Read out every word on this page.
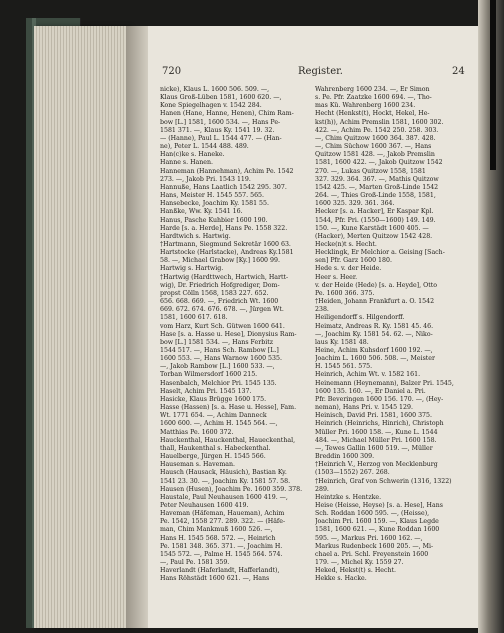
720	Register.	24
nicke), Klaus L. 1600 506. 509. —,
Klaus Groß-Lüben 1581, 1600 620. —,
Kone Spiegelhagen v. 1542 284.
Hanen (Hane, Hanne, Henen), Chim Ram-
bow [L.] 1581, 1600 534. —, Hans Pe-
1581 371. —, Klaus Ky. 1541 19. 32.
— (Hanne), Paul L. 1544 477. — (Han-
ne), Peter L. 1544 488. 489.
Han(c)ke s. Haneke.
Hanne s. Hanen.
Hanneman (Hannehman), Achim Pe. 1542
273. —, Jakob Pri. 1543 119.
Hannuße, Hans Laatlich 1542 295. 307.
Hans, Meister H. 1545 557. 565.
Hansebecke, Joachim Ky. 1581 55.
Hanßke, Ww. Ky. 1541 16.
Hanus, Pasche Kuhbier 1600 190.
Harde [s. a. Herde], Hans Pe. 1558 322.
Hardtwich s. Hartwig.
†Hartmann, Siegmund Sekretär 1600 63.
Hartstocke (Harlstacke), Andreas Ky.1581
58. —, Michael Grabow [Ky.] 1600 99.
Hartwig s. Hartwig.
†Hartwig (Hardttwech, Hartwich, Hartt-
wig), Dr. Friedrich Hofgrediger, Dom-
propst Cölln 1568, 1583 227. 652.
656. 668. 669. —, Friedrich Wt. 1600
669. 672. 674. 676. 678. —, Jürgen Wt.
1581, 1600 617. 618.
vom Harz, Kurt Sch. Gütwen 1600 641.
Hase [s. a. Hasse u. Hese], Dionysius Ram-
bow [L.] 1581 534. —, Hans Ferbitz
1544 517. —, Hans Sch. Rambow [L.]
1600 553. —, Hans Warnow 1600 535.
—, Jakob Rambow [L.] 1600 533. —,
Torban Wilmersdorf 1600 215.
Hasenbalch, Melchior Pri. 1545 135.
Haselt, Achim Pri. 1545 137.
Hasicke, Klaus Brügge 1600 175.
Hasse (Hassen) [s. a. Hase u. Hesse], Fam.
Wt. 1771 654. —, Achim Danneck
1600 600. —, Achim H. 1545 564. —,
Matthias Pe. 1600 372.
Hauckenthal, Hauckenthal, Haueckenthal,
thall, Haukenthal s. Habeckenthal.
Hauelberge, Jürgen H. 1545 566.
Hauseman s. Haveman.
Hausch (Hausack, Häusich), Bastian Ky.
1541 23. 30. —, Joachim Ky. 1581 57. 58.
Hausen (Husen), Joachim Pe. 1600 359. 378.
Haustale, Paul Neuhausen 1600 419. —,
Peter Neuhausen 1600 419.
Haveman (Häfeman, Haueman), Achim
Pe. 1542, 1558 277. 289. 322. — (Häfe-
man, Chim Mankmuß 1600 526. —,
Hans H. 1545 568. 572. —, Heinrich
Pe. 1581 348. 365. 371. —, Joachim H.
1545 572. —, Palme H. 1545 564. 574.
—, Paul Pe. 1581 359.
Haverlandt (Haferlandt, Hafferlandt),
Hans Röhstädt 1600 621. —, Hans
Wahrenberg 1600 234. —, Er Simon
s. Pe. Pfr. Zaatzke 1600 694. —, Tho-
mas Kü. Wahrenberg 1600 234.
Hecht (Henkst(t), Hockt, Hekel, He-
kst(h)), Achim Premslin 1581, 1600 302.
422. —, Achim Pe. 1542 250. 258. 303.
—, Chim Quitzow 1600 364. 387. 428.
—, Chim Süchow 1600 367. —, Hans
Quitzow 1581 428. —, Jakob Premslin
1581, 1600 422. —, Jakob Quitzow 1542
270. —, Lukas Quitzow 1558, 1581
327. 329. 364. 367. —, Mathis Quitzow
1542 425. —, Marten Groß-Linde 1542
264. —, Thies Groß-Linde 1558, 1581,
1600 325. 329. 361. 364.
Hecker [s. a. Hacker], Er Kaspar Kpl.
1544, Pfr. Pri. (1550—1600) 149. 149.
150. —, Kune Karstädt 1600 405. —
(Hacker), Merten Quitzow 1542 428.
Hecke(n)t s. Hecht.
Hecklingk, Er Melchior a. Geising [Sach-
sen] Pfr. Garz 1600 180.
Hede s. v. der Heide.
Heer s. Heer.
v. der Heide (Hede) [s. a. Heyde], Otto
Pe. 1600 366. 375.
†Heiden, Johann Frankfurt a. O. 1542
238.
Heiligendorff s. Hilgendorff.
Heimatz, Andreas R. Ky. 1581 45. 46.
—, Joachim Ky. 1581 54. 62. —, Niko-
laus Ky. 1581 48.
Heine, Achim Kuhsdorf 1600 192. —,
Joachim L. 1600 506. 508. —, Meister
H. 1545 561. 575.
Heinrich, Achim Wt. v. 1582 161.
Heinemann (Heynemann), Balzer Pri. 1545,
1600 135. 160. —, Er Daniel a. Pri.
Pfr. Beveringen 1600 156. 170. —, (Hey-
neman), Hans Pri. v. 1545 129.
Heinisch, David Pri. 1581, 1600 375.
Heinrich (Heinrichs, Hinrich), Christoph
Müller Pri. 1600 158. —, Kune L. 1544
484. —, Michael Müller Pri. 1600 158.
—, Tewes Gallin 1600 519. —, Müller
Breddin 1600 309.
†Heinrich V., Herzog von Mecklenburg
(1503—1552) 267. 268.
†Heinrich, Graf von Schwerin (1316, 1322)
289.
Heintzke s. Hentzke.
Heise (Heisse, Heyse) [s. a. Hese], Hans
Sch. Roddan 1600 595. —, (Heisse),
Joachim Pri. 1600 159. —, Klaus Legde
1581, 1600 621. —, Kune Roddan 1600
595. —, Markus Pri. 1600 162. —,
Markus Rudenbeck 1600 205. —, Mi-
chael a. Pri. Schl. Freyenstein 1600
179. —, Michel Ky. 1559 27.
Heked, Hekst(t) s. Hecht.
Hekke s. Hacke.
